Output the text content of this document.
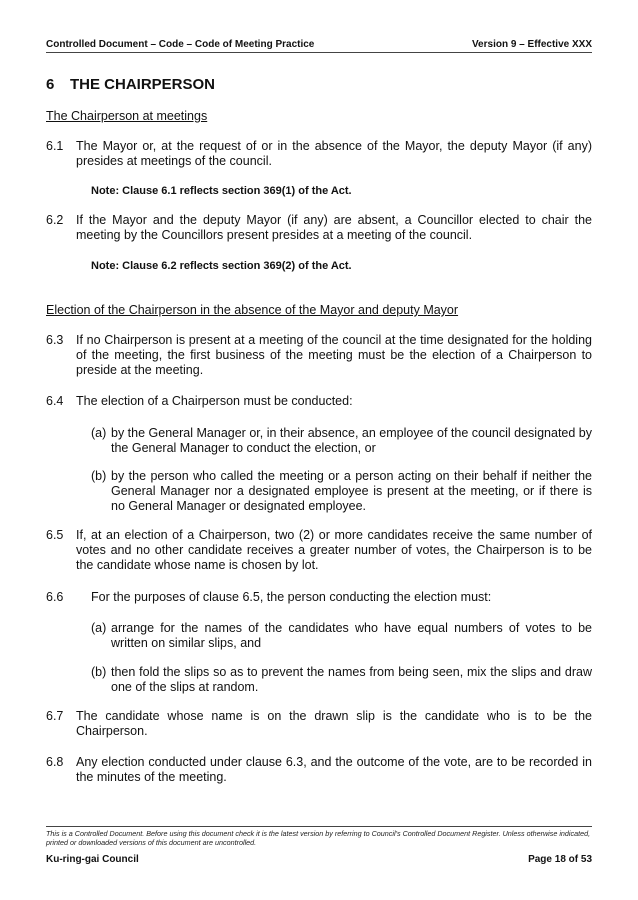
Controlled Document – Code – Code of Meeting Practice	Version 9 – Effective XXX
6 THE CHAIRPERSON

The Chairperson at meetings

6.1 The Mayor or, at the request of or in the absence of the Mayor, the deputy Mayor (if any) presides at meetings of the council.
Note: Clause 6.1 reflects section 369(1) of the Act.
6.2 If the Mayor and the deputy Mayor (if any) are absent, a Councillor elected to chair the meeting by the Councillors present presides at a meeting of the council.
Note: Clause 6.2 reflects section 369(2) of the Act.

Election of the Chairperson in the absence of the Mayor and deputy Mayor

6.3 If no Chairperson is present at a meeting of the council at the time designated for the holding of the meeting, the first business of the meeting must be the election of a Chairperson to preside at the meeting.
6.4 The election of a Chairperson must be conducted:
(a) by the General Manager or, in their absence, an employee of the council designated by the General Manager to conduct the election, or
(b) by the person who called the meeting or a person acting on their behalf if neither the General Manager nor a designated employee is present at the meeting, or if there is no General Manager or designated employee.
6.5 If, at an election of a Chairperson, two (2) or more candidates receive the same number of votes and no other candidate receives a greater number of votes, the Chairperson is to be the candidate whose name is chosen by lot.
6.6 For the purposes of clause 6.5, the person conducting the election must:
(a) arrange for the names of the candidates who have equal numbers of votes to be written on similar slips, and
(b) then fold the slips so as to prevent the names from being seen, mix the slips and draw one of the slips at random.
6.7 The candidate whose name is on the drawn slip is the candidate who is to be the Chairperson.
6.8 Any election conducted under clause 6.3, and the outcome of the vote, are to be recorded in the minutes of the meeting.
This is a Controlled Document. Before using this document check it is the latest version by referring to Council’s Controlled Document Register. Unless otherwise indicated, printed or downloaded versions of this document are uncontrolled.
Ku-ring-gai Council	Page 18 of 53
